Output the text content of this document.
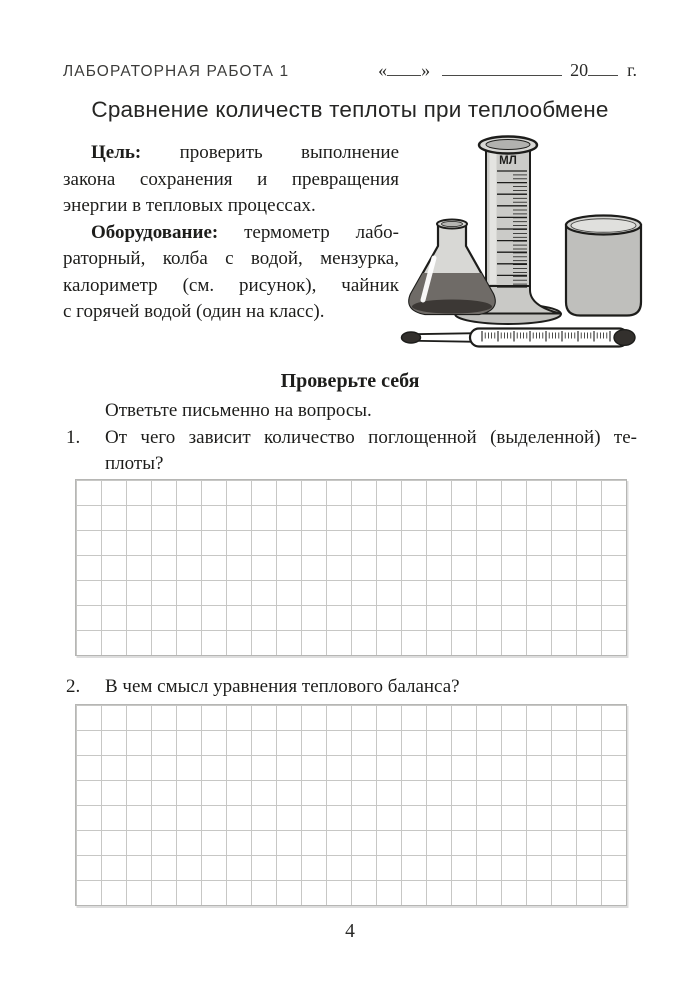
ЛАБОРАТОРНАЯ РАБОТА 1	« »	20 г.
Сравнение количеств теплоты при теплообмене
Цель: проверить выполнение
закона сохранения и превращения
энергии в тепловых процессах.
Оборудование: термометр лабо-
раторный, колба с водой, мензурка,
калориметр (см. рисунок), чайник
с горячей водой (один на класс).
МЛ
Проверьте себя
Ответьте письменно на вопросы.
1.	От чего зависит количество поглощенной (выделенной) те-
плоты?
2.	В чем смысл уравнения теплового баланса?
4
